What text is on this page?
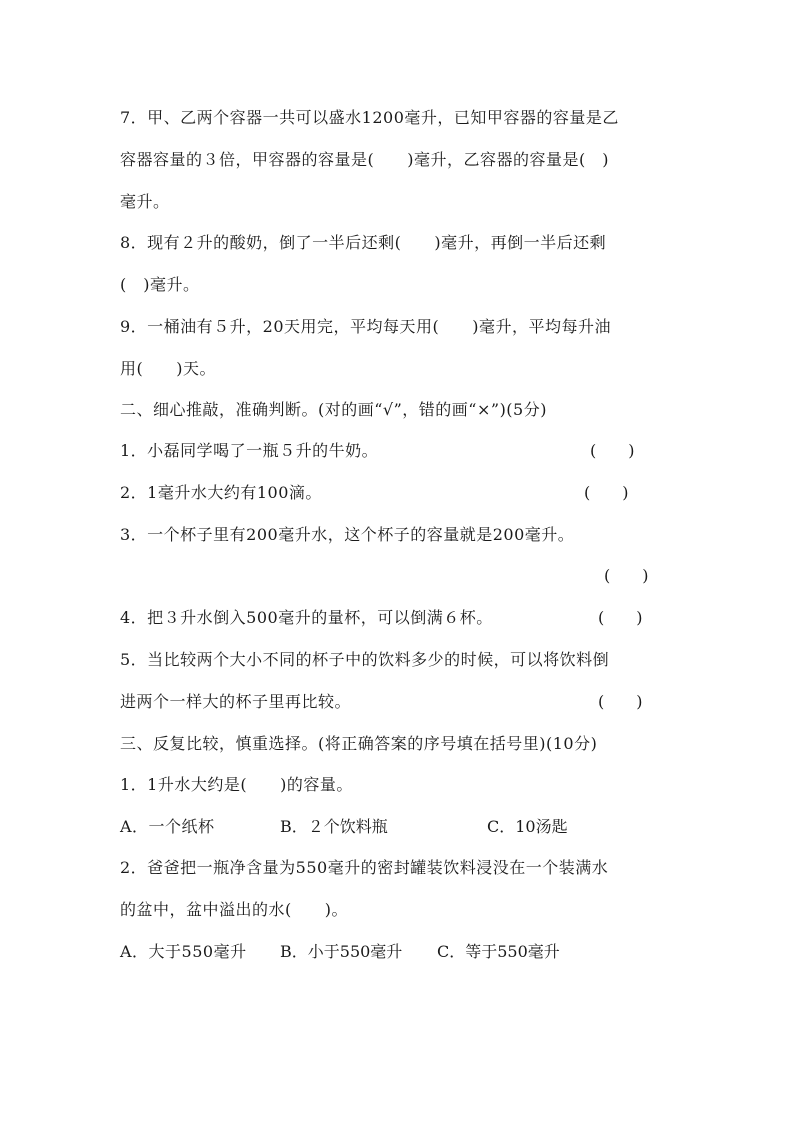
7．甲、乙两个容器一共可以盛水1200毫升，已知甲容器的容量是乙
容器容量的３倍，甲容器的容量是(　　)毫升，乙容器的容量是(　)
毫升。
8．现有２升的酸奶，倒了一半后还剩(　　)毫升，再倒一半后还剩
(　)毫升。
9．一桶油有５升，20天用完，平均每天用(　　)毫升，平均每升油
用(　　)天。
二、细心推敲，准确判断。(对的画“√”，错的画“×”)(5分)
1．小磊同学喝了一瓶５升的牛奶。	(　　)
2．1毫升水大约有100滴。	(　　)
3．一个杯子里有200毫升水，这个杯子的容量就是200毫升。
(　　)
4．把３升水倒入500毫升的量杯，可以倒满６杯。	(　　)
5．当比较两个大小不同的杯子中的饮料多少的时候，可以将饮料倒
进两个一样大的杯子里再比较。	(　　)
三、反复比较，慎重选择。(将正确答案的序号填在括号里)(10分)
1．1升水大约是(　　)的容量。
A．一个纸杯	B．２个饮料瓶	C．10汤匙
2．爸爸把一瓶净含量为550毫升的密封罐装饮料浸没在一个装满水
的盆中，盆中溢出的水(　　)。
A．大于550毫升 B．小于550毫升 C．等于550毫升
